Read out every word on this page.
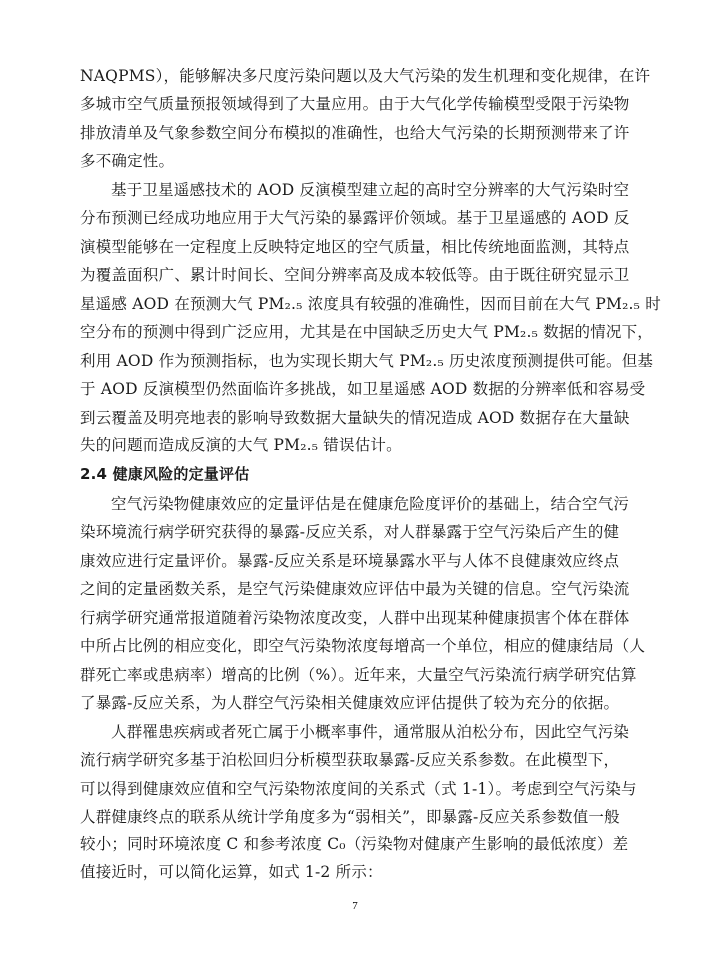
NAQPMS），能够解决多尺度污染问题以及大气污染的发生机理和变化规律，在许
多城市空气质量预报领域得到了大量应用。由于大气化学传输模型受限于污染物
排放清单及气象参数空间分布模拟的准确性，也给大气污染的长期预测带来了许
多不确定性。
基于卫星遥感技术的 AOD 反演模型建立起的高时空分辨率的大气污染时空
分布预测已经成功地应用于大气污染的暴露评价领域。基于卫星遥感的 AOD 反
演模型能够在一定程度上反映特定地区的空气质量，相比传统地面监测，其特点
为覆盖面积广、累计时间长、空间分辨率高及成本较低等。由于既往研究显示卫
星遥感 AOD 在预测大气 PM₂.₅ 浓度具有较强的准确性，因而目前在大气 PM₂.₅ 时
空分布的预测中得到广泛应用，尤其是在中国缺乏历史大气 PM₂.₅ 数据的情况下，
利用 AOD 作为预测指标，也为实现长期大气 PM₂.₅ 历史浓度预测提供可能。但基
于 AOD 反演模型仍然面临许多挑战，如卫星遥感 AOD 数据的分辨率低和容易受
到云覆盖及明亮地表的影响导致数据大量缺失的情况造成 AOD 数据存在大量缺
失的问题而造成反演的大气 PM₂.₅ 错误估计。
2.4 健康风险的定量评估
空气污染物健康效应的定量评估是在健康危险度评价的基础上，结合空气污
染环境流行病学研究获得的暴露-反应关系，对人群暴露于空气污染后产生的健
康效应进行定量评价。暴露-反应关系是环境暴露水平与人体不良健康效应终点
之间的定量函数关系，是空气污染健康效应评估中最为关键的信息。空气污染流
行病学研究通常报道随着污染物浓度改变，人群中出现某种健康损害个体在群体
中所占比例的相应变化，即空气污染物浓度每增高一个单位，相应的健康结局（人
群死亡率或患病率）增高的比例（%）。近年来，大量空气污染流行病学研究估算
了暴露-反应关系，为人群空气污染相关健康效应评估提供了较为充分的依据。
人群罹患疾病或者死亡属于小概率事件，通常服从泊松分布，因此空气污染
流行病学研究多基于泊松回归分析模型获取暴露-反应关系参数。在此模型下，
可以得到健康效应值和空气污染物浓度间的关系式（式 1-1）。考虑到空气污染与
人群健康终点的联系从统计学角度多为“弱相关”，即暴露-反应关系参数值一般
较小；同时环境浓度 C 和参考浓度 C₀（污染物对健康产生影响的最低浓度）差
值接近时，可以简化运算，如式 1-2 所示：
7
